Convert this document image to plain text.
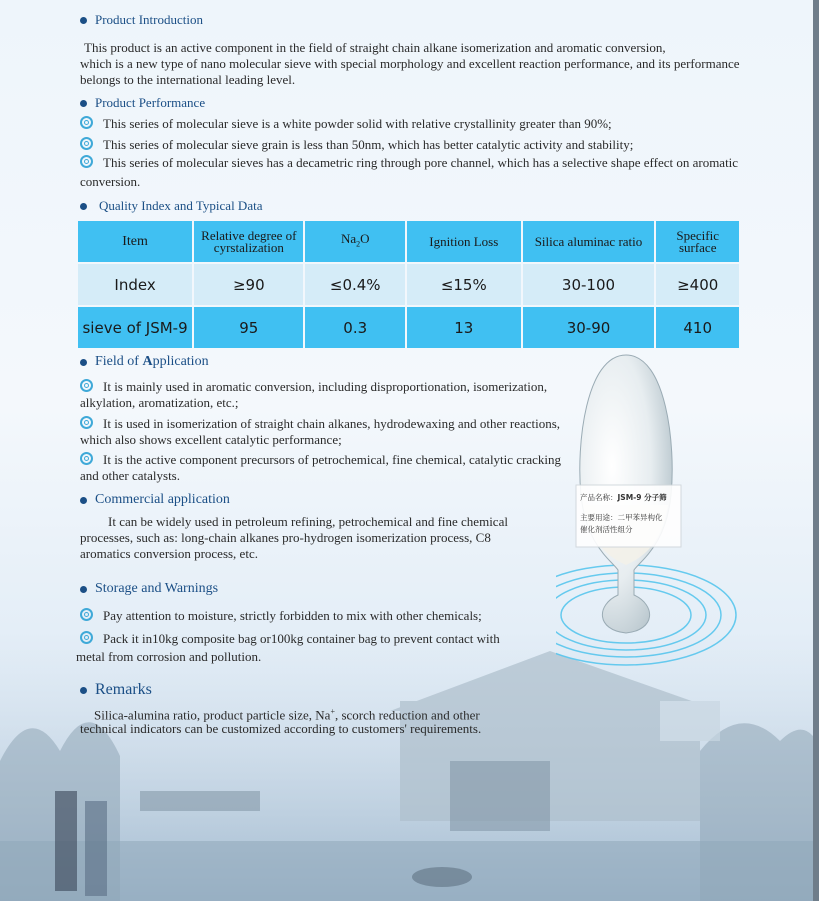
Product Introduction

This product is an active component in the field of straight chain alkane isomerization and aromatic conversion,

which is a new type of nano molecular sieve with special morphology and excellent reaction performance, and its performance

belongs to the international leading level.

Product Performance
This series of molecular sieve is a white powder solid with relative crystallinity greater than 90%;
This series of molecular sieve grain is less than 50nm, which has better catalytic activity and stability;
This series of molecular sieves has a decametric ring through pore channel, which has a selective shape effect on aromatic
conversion.
Quality Index and Typical Data
Item	Relative degree of cyrstalization	$Na_2O$	Ignition Loss	Silica aluminac ratio	Specific surface
Index	≥90	≤0.4%	≤15%	30-100	≥400
sieve of JSM-9	95	0.3	13	30-90	410
Field of Application
It is mainly used in aromatic conversion, including disproportionation, isomerization,
alkylation, aromatization, etc.;
It is used in isomerization of straight chain alkanes, hydrodewaxing and other reactions,
which also shows excellent catalytic performance;
It is the active component precursors of petrochemical, fine chemical, catalytic cracking
and other catalysts.
Commercial application

It can be widely used in petroleum refining, petrochemical and fine chemical

processes, such as: long-chain alkanes pro-hydrogen isomerization process, C8

aromatics conversion process, etc.

Storage and Warnings
Pay attention to moisture, strictly forbidden to mix with other chemicals;
Pack it in10kg composite bag or100kg container bag to prevent contact with
metal from corrosion and pollution.
Remarks

Silica-alumina ratio, product particle size, Na+, scorch reduction and other

technical indicators can be customized according to customers' requirements.

产品名称：JSM-9 分子筛
主要用途：二甲苯异构化
催化剂活性组分
